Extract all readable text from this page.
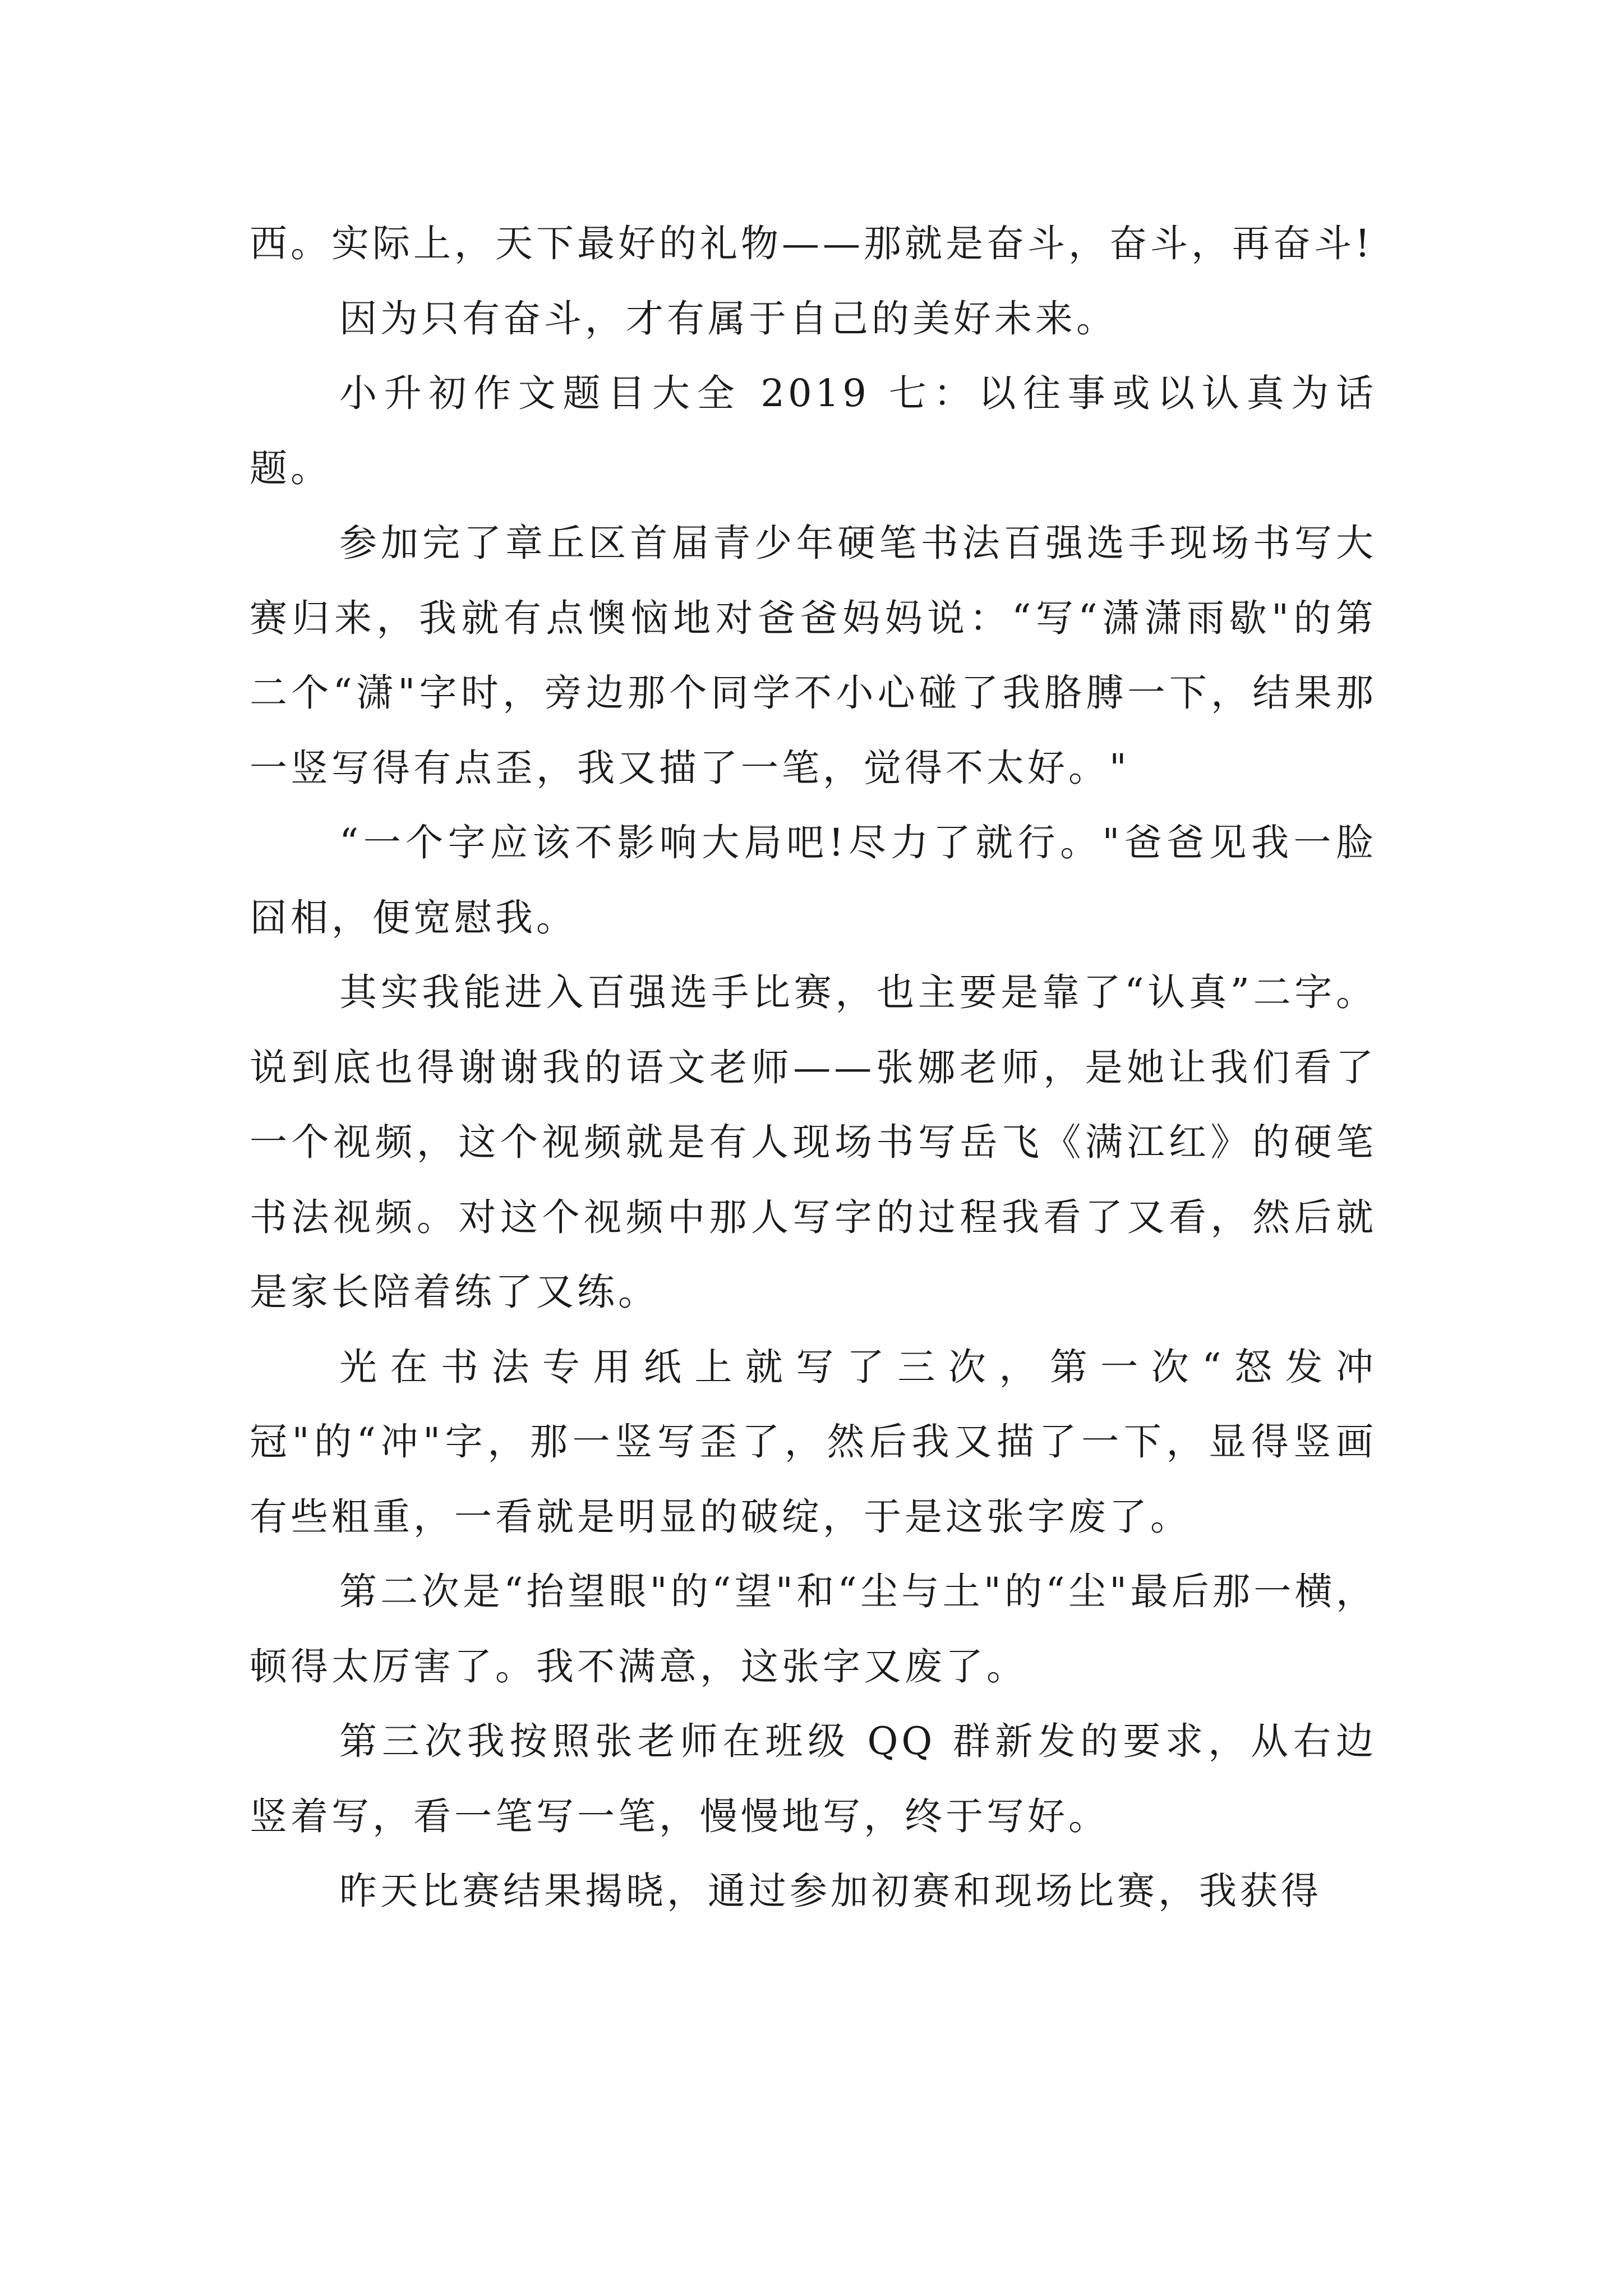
西。实际上，天下最好的礼物——那就是奋斗，奋斗，再奋斗!

因为只有奋斗，才有属于自己的美好未来。

小升初作文题目大全 2019 七：以往事或以认真为话题。

参加完了章丘区首届青少年硬笔书法百强选手现场书写大赛归来，我就有点懊恼地对爸爸妈妈说：“写“潇潇雨歇"的第二个“潇"字时，旁边那个同学不小心碰了我胳膊一下，结果那一竖写得有点歪，我又描了一笔，觉得不太好。"

“一个字应该不影响大局吧!尽力了就行。"爸爸见我一脸囧相，便宽慰我。

其实我能进入百强选手比赛，也主要是靠了“认真”二字。说到底也得谢谢我的语文老师——张娜老师，是她让我们看了一个视频，这个视频就是有人现场书写岳飞《满江红》的硬笔书法视频。对这个视频中那人写字的过程我看了又看，然后就是家长陪着练了又练。

光在书法专用纸上就写了三次，第一次“怒发冲冠"的“冲"字，那一竖写歪了，然后我又描了一下，显得竖画有些粗重，一看就是明显的破绽，于是这张字废了。

第二次是“抬望眼"的“望"和“尘与土"的“尘"最后那一横，顿得太厉害了。我不满意，这张字又废了。

第三次我按照张老师在班级 QQ 群新发的要求，从右边竖着写，看一笔写一笔，慢慢地写，终于写好。

昨天比赛结果揭晓，通过参加初赛和现场比赛，我获得
